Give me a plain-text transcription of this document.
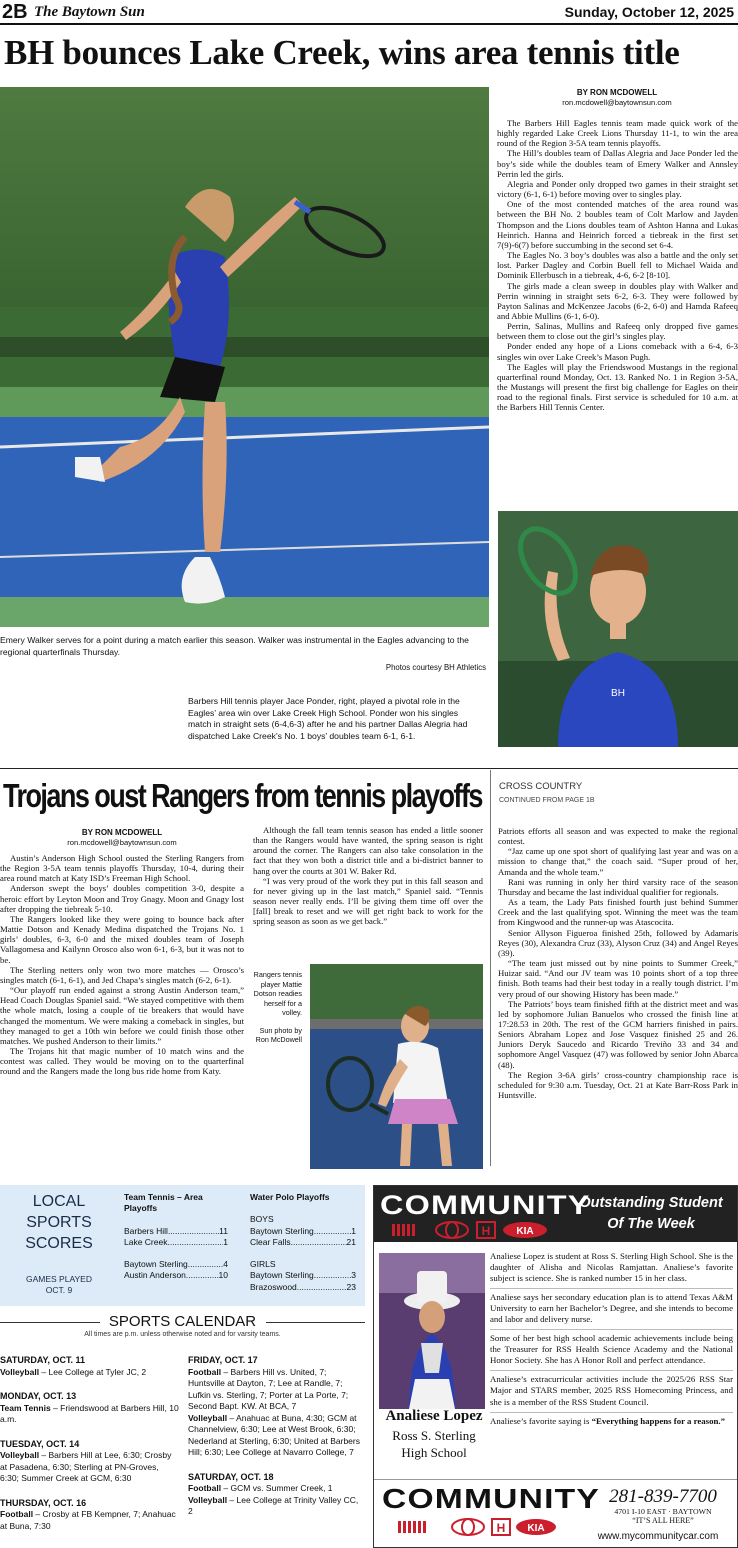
2B The Baytown Sun	Sunday, October 12, 2025
BH bounces Lake Creek, wins area tennis title
Emery Walker serves for a point during a match earlier this season. Walker was instrumental in the Eagles advancing to the regional quarterfinals Thursday.
Photos courtesy BH Athletics
Barbers Hill tennis player Jace Ponder, right, played a pivotal role in the Eagles’ area win over Lake Creek High School. Ponder won his singles match in straight sets (6-4,6-3) after he and his partner Dallas Alegria had dispatched Lake Creek’s No. 1 boys’ doubles team 6-1, 6-1.
BY RON MCDOWELL
ron.mcdowell@baytownsun.com

The Barbers Hill Eagles tennis team made quick work of the highly regarded Lake Creek Lions Thursday 11-1, to win the area round of the Region 3-5A team tennis playoffs.

The Hill’s doubles team of Dallas Alegria and Jace Ponder led the boy’s side while the doubles team of Emery Walker and Annsley Perrin led the girls.

Alegria and Ponder only dropped two games in their straight set victory (6-1, 6-1) before moving over to singles play.

One of the most contended matches of the area round was between the BH No. 2 boubles team of Colt Marlow and Jayden Thompson and the Lions doubles team of Ashton Hanna and Lukas Heinrich. Hanna and Heinrich forced a tiebreak in the first set 7(9)-6(7) before succumbing in the second set 6-4.

The Eagles No. 3 boy’s doubles was also a battle and the only set lost. Parker Dagley and Corbin Buell fell to Michael Waida and Dominik Ellerbusch in a tiebreak, 4-6, 6-2 [8-10].

The girls made a clean sweep in doubles play with Walker and Perrin winning in straight sets 6-2, 6-3. They were followed by Payton Salinas and McKenzee Jacobs (6-2, 6-0) and Hamda Rafeeq and Abbie Mullins (6-1, 6-0).

Perrin, Salinas, Mullins and Rafeeq only dropped five games between them to close out the girl’s singles play.

Ponder ended any hope of a Lions comeback with a 6-4, 6-3 singles win over Lake Creek’s Mason Pugh.

The Eagles will play the Friendswood Mustangs in the regional quarterfinal round Monday, Oct. 13. Ranked No. 1 in Region 3-5A, the Mustangs will present the first big challenge for Eagles on their road to the regional finals. First service is scheduled for 10 a.m. at the Barbers Hill Tennis Center.

BH
Trojans oust Rangers from tennis playoffs
BY RON MCDOWELL
ron.mcdowell@baytownsun.com

Austin’s Anderson High School ousted the Sterling Rangers from the Region 3-5A team tennis playoffs Thursday, 10-4, during their area round match at Katy ISD’s Freeman High School.

Anderson swept the boys’ doubles competition 3-0, despite a heroic effort by Leyton Moon and Troy Gnagy. Moon and Gnagy lost after dropping the tiebreak 5-10.

The Rangers looked like they were going to bounce back after Mattie Dotson and Kenady Medina dispatched the Trojans No. 1 girls’ doubles, 6-3, 6-0 and the mixed doubles team of Joseph Vallagomesa and Kailynn Orosco also won 6-1, 6-3, but it was not to be.

The Sterling netters only won two more matches — Orosco’s singles match (6-1, 6-1), and Jed Chapa’s singles match (6-2, 6-1).

“Our playoff run ended against a strong Austin Anderson team,” Head Coach Douglas Spaniel said. “We stayed competitive with them the whole match, losing a couple of tie breakers that would have changed the momentum. We were making a comeback in singles, but they managed to get a 10th win before we could finish those other matches. We pushed Anderson to their limits.”

The Trojans hit that magic number of 10 match wins and the contest was called. They would be moving on to the quarterfinal round and the Rangers made the long bus ride home from Katy.

Although the fall team tennis season has ended a little sooner than the Rangers would have wanted, the spring season is right around the corner. The Rangers can also take consolation in the fact that they won both a district title and a bi-district banner to hang over the courts at 301 W. Baker Rd.

“I was very proud of the work they put in this fall season and for never giving up in the last match,” Spaniel said. “Tennis season never really ends. I’ll be giving them time off over the [fall] break to reset and we will get right back to work for the spring season as soon as we get back.”

Rangers tennis player Mattie Dotson readies herself for a volley.
Sun photo by Ron McDowell
CROSS COUNTRY
CONTINUED FROM PAGE 1B

Patriots efforts all season and was expected to make the regional contest.

“Jaz came up one spot short of qualifying last year and was on a mission to change that,” the coach said. “Super proud of her, Amanda and the whole team.”

Rani was running in only her third varsity race of the season Thursday and became the last individual qualifier for regionals.

As a team, the Lady Pats finished fourth just behind Summer Creek and the last qualifying spot. Winning the meet was the team from Kingwood and the runner-up was Atascocita.

Senior Allyson Figueroa finished 25th, followed by Adamaris Reyes (30), Alexandra Cruz (33), Alyson Cruz (34) and Angel Reyes (39).

“The team just missed out by nine points to Summer Creek,” Huizar said. “And our JV team was 10 points short of a top three finish. Both teams had their best today in a really tough district. I’m very proud of our showing History has been made.”

The Patriots’ boys team finished fifth at the district meet and was led by sophomore Julian Banuelos who crossed the finish line at 17:28.53 in 20th. The rest of the GCM harriers finished in pairs. Seniors Abraham Lopez and Jose Vasquez finished 25 and 26. Juniors Deryk Saucedo and Ricardo Treviño 33 and 34 and sophomore Angel Vasquez (47) was followed by senior John Abarca (48).

The Region 3-6A girls’ cross-country championship race is scheduled for 9:30 a.m. Tuesday, Oct. 21 at Kate Barr-Ross Park in Huntsville.

LOCAL
SPORTS
SCORES
GAMES PLAYED
OCT. 9
Team Tennis – Area Playoffs
Barbers Hill .....	11
Lake Creek .....	1
Baytown Sterling .....	4
Austin Anderson .....	10
Water Polo Playoffs
BOYS
Baytown Sterling .....	1
Clear Falls .....	21
GIRLS
Baytown Sterling .....	3
Brazoswood .....	23
SPORTS CALENDAR
All times are p.m. unless otherwise noted and for varsity teams.
SATURDAY, OCT. 11
Volleyball – Lee College at Tyler JC, 2
MONDAY, OCT. 13
Team Tennis – Friendswood at Barbers Hill, 10 a.m.
TUESDAY, OCT. 14
Volleyball – Barbers Hill at Lee, 6:30; Crosby at Pasadena, 6:30; Sterling at PN-Groves, 6:30; Summer Creek at GCM, 6:30
THURSDAY, OCT. 16
Football – Crosby at FB Kempner, 7; Anahuac at Buna, 7:30
FRIDAY, OCT. 17
Football – Barbers Hill vs. United, 7; Huntsville at Dayton, 7; Lee at Randle, 7; Lufkin vs. Sterling, 7; Porter at La Porte, 7; Second Bapt. KW. At BCA, 7
Volleyball – Anahuac at Buna, 4:30; GCM at Channelview, 6:30; Lee at West Brook, 6:30; Nederland at Sterling, 6:30; United at Barbers Hill; 6:30; Lee College at Navarro College, 7
SATURDAY, OCT. 18
Football – GCM vs. Summer Creek, 1
Volleyball – Lee College at Trinity Valley CC, 2
COMMUNITY
H	KIA
Outstanding Student
Of The Week
Analiese Lopez
Ross S. Sterling
High School

Analiese Lopez is student at Ross S. Sterling High School. She is the daughter of Alisha and Nicolas Ramjattan. Analiese’s favorite subject is science. She is ranked number 15 in her class.

Analiese says her secondary education plan is to attend Texas A&M University to earn her Bachelor’s Degree, and she intends to become and labor and delivery nurse.

Some of her best high school academic achievements include being the Treasurer for RSS Health Science Academy and the National Honor Society. She has A Honor Roll and perfect attendance.

Analiese’s extracurricular activities include the 2025/26 RSS Star Major and STARS member, 2025 RSS Homecoming Princess, and she is a member of the RSS Student Council.

Analiese’s favorite saying is “Everything happens for a reason.”

COMMUNITY
H KIA
281-839-7700
4701 I-10 EAST · BAYTOWN
“IT’S ALL HERE”
www.mycommunitycar.com
